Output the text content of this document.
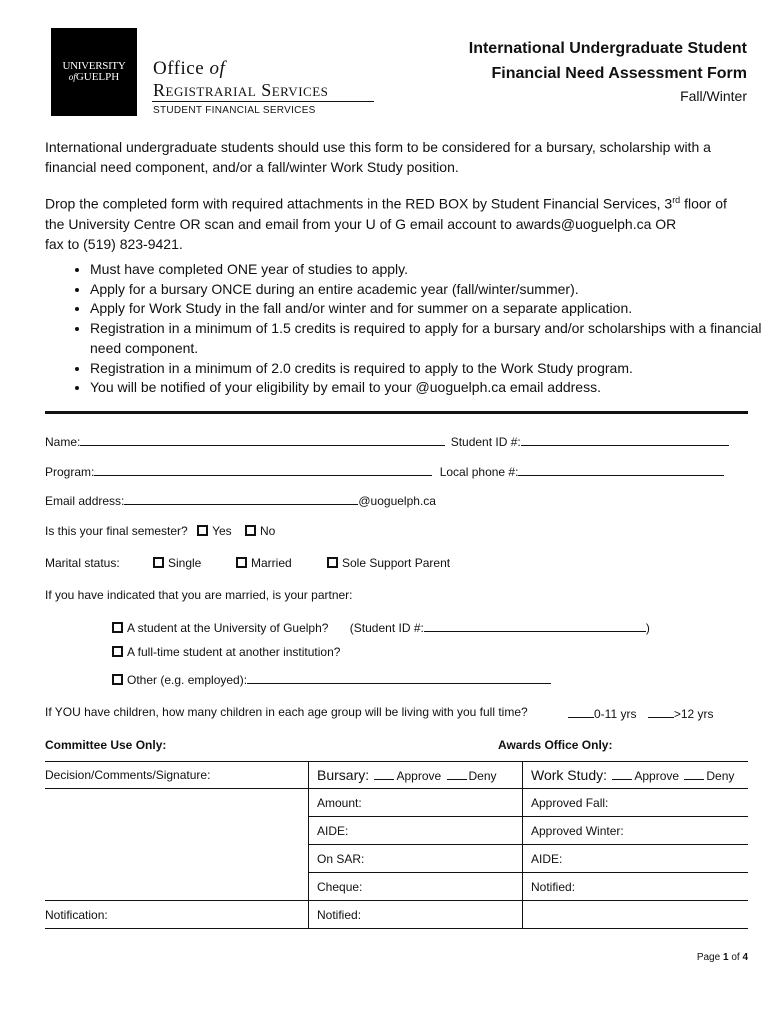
UNIVERSITY
ofGUELPH	Office of
Registrarial Services
STUDENT FINANCIAL SERVICES
International Undergraduate Student
Financial Need Assessment Form
Fall/Winter
International undergraduate students should use this form to be considered for a bursary, scholarship with a financial need component, and/or a fall/winter Work Study position.
Drop the completed form with required attachments in the RED BOX by Student Financial Services, 3rd floor of the University Centre OR scan and email from your U of G email account to awards@uoguelph.ca OR
fax to (519) 823-9421.
• Must have completed ONE year of studies to apply.
• Apply for a bursary ONCE during an entire academic year (fall/winter/summer).
• Apply for Work Study in the fall and/or winter and for summer on a separate application.
• Registration in a minimum of 1.5 credits is required to apply for a bursary and/or scholarships with a financial need component.
• Registration in a minimum of 2.0 credits is required to apply to the Work Study program.
• You will be notified of your eligibility by email to your @uoguelph.ca email address.
Name:	Student ID #:
Program:	Local phone #:
Email address:	@uoguelph.ca
Is this your final semester? Yes No
Marital status:	Single	Married	Sole Support Parent
If you have indicated that you are married, is your partner:
A student at the University of Guelph? (Student ID #:	)
A full-time student at another institution?
Other (e.g. employed):
If YOU have children, how many children in each age group will be living with you full time?	0-11 yrs	>12 yrs
Committee Use Only:	Awards Office Only:
Decision/Comments/Signature:	Bursary: Approve Deny	Work Study: Approve Deny
	Amount:	Approved Fall:
	AIDE:	Approved Winter:
	On SAR:	AIDE:
	Cheque:	Notified:
Notification:	Notified:	
Page 1 of 4
